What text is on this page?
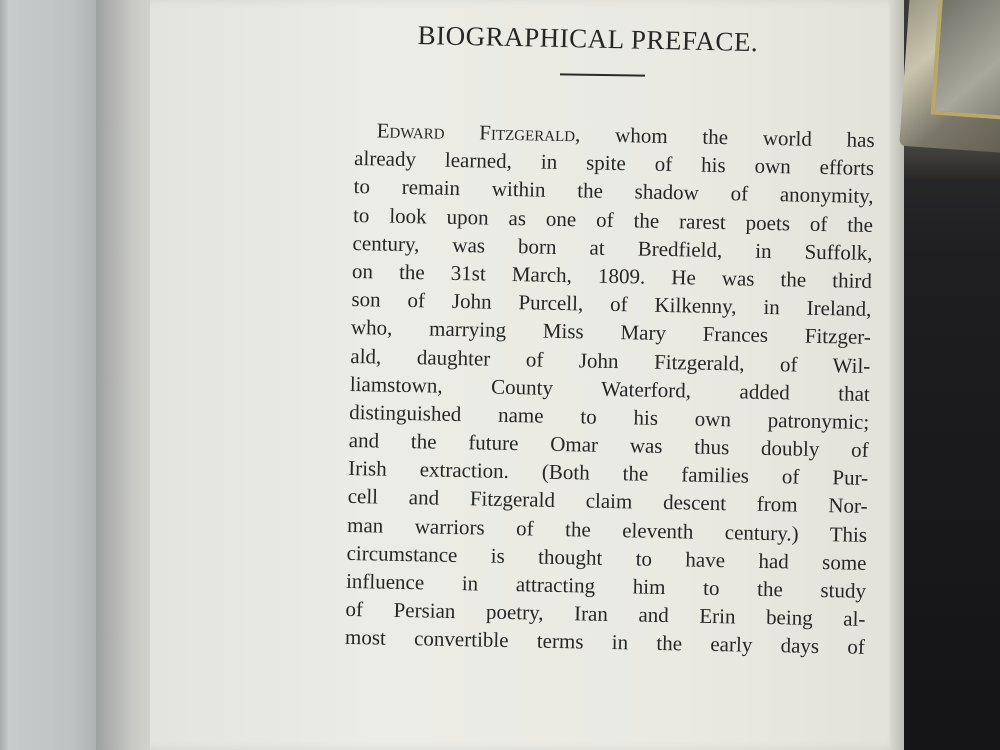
BIOGRAPHICAL PREFACE.
Edward Fitzgerald, whom the world has
already learned, in spite of his own efforts
to remain within the shadow of anonymity,
to look upon as one of the rarest poets of the
century, was born at Bredfield, in Suffolk,
on the 31st March, 1809. He was the third
son of John Purcell, of Kilkenny, in Ireland,
who, marrying Miss Mary Frances Fitzger-
ald, daughter of John Fitzgerald, of Wil-
liamstown, County Waterford, added that
distinguished name to his own patronymic;
and the future Omar was thus doubly of
Irish extraction. (Both the families of Pur-
cell and Fitzgerald claim descent from Nor-
man warriors of the eleventh century.) This
circumstance is thought to have had some
influence in attracting him to the study
of Persian poetry, Iran and Erin being al-
most convertible terms in the early days of
